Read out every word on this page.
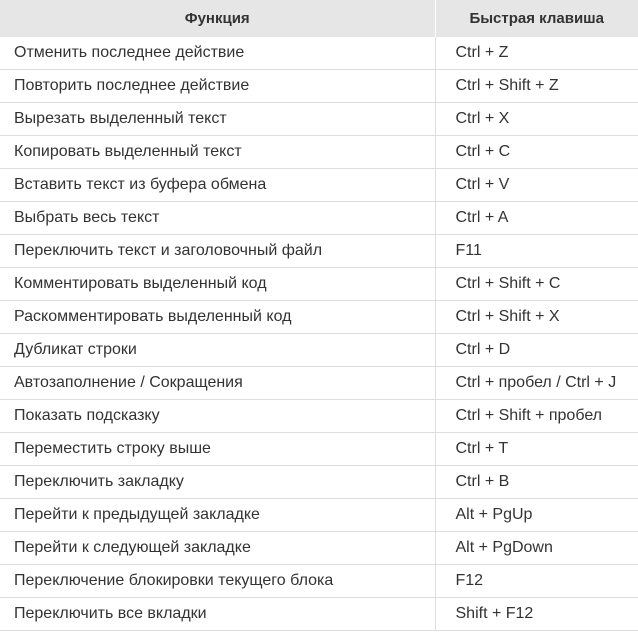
Функция	Быстрая клавиша
Отменить последнее действие	Ctrl + Z
Повторить последнее действие	Ctrl + Shift + Z
Вырезать выделенный текст	Ctrl + X
Копировать выделенный текст	Ctrl + C
Вставить текст из буфера обмена	Ctrl + V
Выбрать весь текст	Ctrl + A
Переключить текст и заголовочный файл	F11
Комментировать выделенный код	Ctrl + Shift + C
Раскомментировать выделенный код	Ctrl + Shift + X
Дубликат строки	Ctrl + D
Автозаполнение / Сокращения	Ctrl + пробел / Ctrl + J
Показать подсказку	Ctrl + Shift + пробел
Переместить строку выше	Ctrl + T
Переключить закладку	Ctrl + B
Перейти к предыдущей закладке	Alt + PgUp
Перейти к следующей закладке	Alt + PgDown
Переключение блокировки текущего блока	F12
Переключить все вкладки	Shift + F12
